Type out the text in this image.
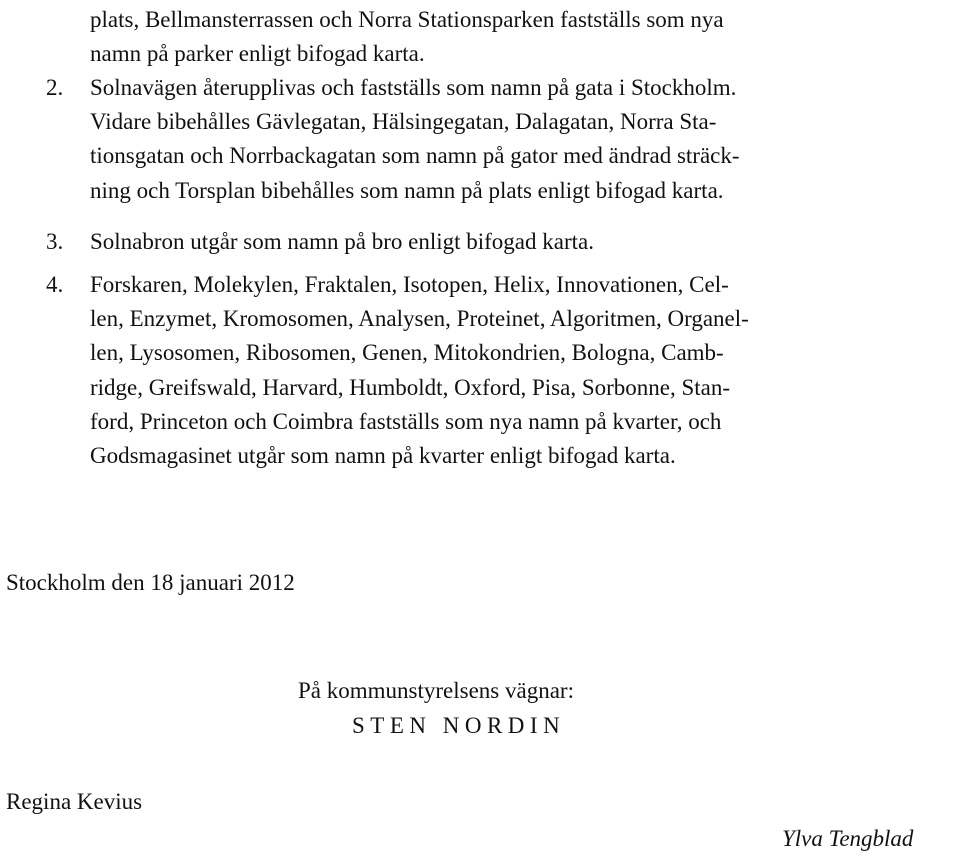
plats, Bellmansterrassen och Norra Stationsparken fastställs som nya
namn på parker enligt bifogad karta.
2.	Solnavägen återupplivas och fastställs som namn på gata i Stockholm.
Vidare bibehålles Gävlegatan, Hälsingegatan, Dalagatan, Norra Sta-
tionsgatan och Norrbackagatan som namn på gator med ändrad sträck-
ning och Torsplan bibehålles som namn på plats enligt bifogad karta.
3.	Solnabron utgår som namn på bro enligt bifogad karta.
4.	Forskaren, Molekylen, Fraktalen, Isotopen, Helix, Innovationen, Cel-
len, Enzymet, Kromosomen, Analysen, Proteinet, Algoritmen, Organel-
len, Lysosomen, Ribosomen, Genen, Mitokondrien, Bologna, Camb-
ridge, Greifswald, Harvard, Humboldt, Oxford, Pisa, Sorbonne, Stan-
ford, Princeton och Coimbra fastställs som nya namn på kvarter, och
Godsmagasinet utgår som namn på kvarter enligt bifogad karta.
Stockholm den 18 januari 2012
På kommunstyrelsens vägnar:
STEN NORDIN
Regina Kevius
Ylva Tengblad
